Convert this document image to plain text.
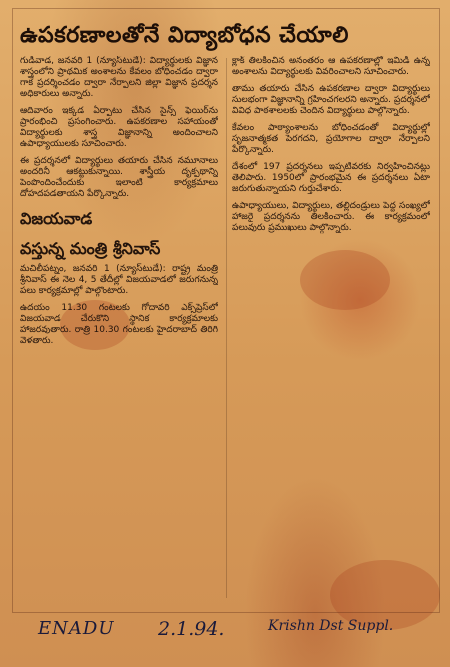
ఉపకరణాలతోనే విద్యాబోధన చేయాలి

గుడివాడ, జనవరి 1 (న్యూస్‌టుడే): విద్యార్థులకు విజ్ఞాన శాస్త్రంలోని ప్రాథమిక అంశాలను కేవలం బోధించడం ద్వారా గాక ప్రదర్శించడం ద్వారా నేర్పాలని జిల్లా విజ్ఞాన ప్రదర్శన అధికారులు అన్నారు.

ఆదివారం ఇక్కడ ఏర్పాటు చేసిన సైన్స్ ఫెయిర్‌ను ప్రారంభించి ప్రసంగించారు. ఉపకరణాల సహాయంతో విద్యార్థులకు శాస్త్ర విజ్ఞానాన్ని అందించాలని ఉపాధ్యాయులకు సూచించారు.

ఈ ప్రదర్శనలో విద్యార్థులు తయారు చేసిన నమూనాలు అందరినీ ఆకట్టుకున్నాయి. శాస్త్రీయ దృక్పథాన్ని పెంపొందించేందుకు ఇలాంటి కార్యక్రమాలు దోహదపడతాయని పేర్కొన్నారు.

విజయవాడ
వస్తున్న మంత్రి శ్రీనివాస్

మచిలీపట్నం, జనవరి 1 (న్యూస్‌టుడే): రాష్ట్ర మంత్రి శ్రీనివాస్ ఈ నెల 4, 5 తేదీల్లో విజయవాడలో జరుగనున్న పలు కార్యక్రమాల్లో పాల్గొంటారు.

ఉదయం 11.30 గంటలకు గోదావరి ఎక్స్‌ప్రెస్‌లో విజయవాడ చేరుకొని స్థానిక కార్యక్రమాలకు హాజరవుతారు. రాత్రి 10.30 గంటలకు హైదరాబాద్ తిరిగి వెళతారు.

క్లాక్ తిలకించిన అనంతరం ఆ ఉపకరణాల్లో ఇమిడి ఉన్న అంశాలను విద్యార్థులకు వివరించాలని సూచించారు.

తాము తయారు చేసిన ఉపకరణాల ద్వారా విద్యార్థులు సులభంగా విజ్ఞానాన్ని గ్రహించగలరని అన్నారు. ప్రదర్శనలో వివిధ పాఠశాలలకు చెందిన విద్యార్థులు పాల్గొన్నారు.

కేవలం పాఠ్యాంశాలను బోధించడంతో విద్యార్థుల్లో సృజనాత్మకత పెరగదని, ప్రయోగాల ద్వారా నేర్పాలని పేర్కొన్నారు.

దేశంలో 197 ప్రదర్శనలు ఇప్పటివరకు నిర్వహించినట్లు తెలిపారు. 1950లో ప్రారంభమైన ఈ ప్రదర్శనలు ఏటా జరుగుతున్నాయని గుర్తుచేశారు.

ఉపాధ్యాయులు, విద్యార్థులు, తల్లిదండ్రులు పెద్ద సంఖ్యలో హాజరై ప్రదర్శనను తిలకించారు. ఈ కార్యక్రమంలో పలువురు ప్రముఖులు పాల్గొన్నారు.

ENADU 2.1.94.	Krishn Dst Suppl.
